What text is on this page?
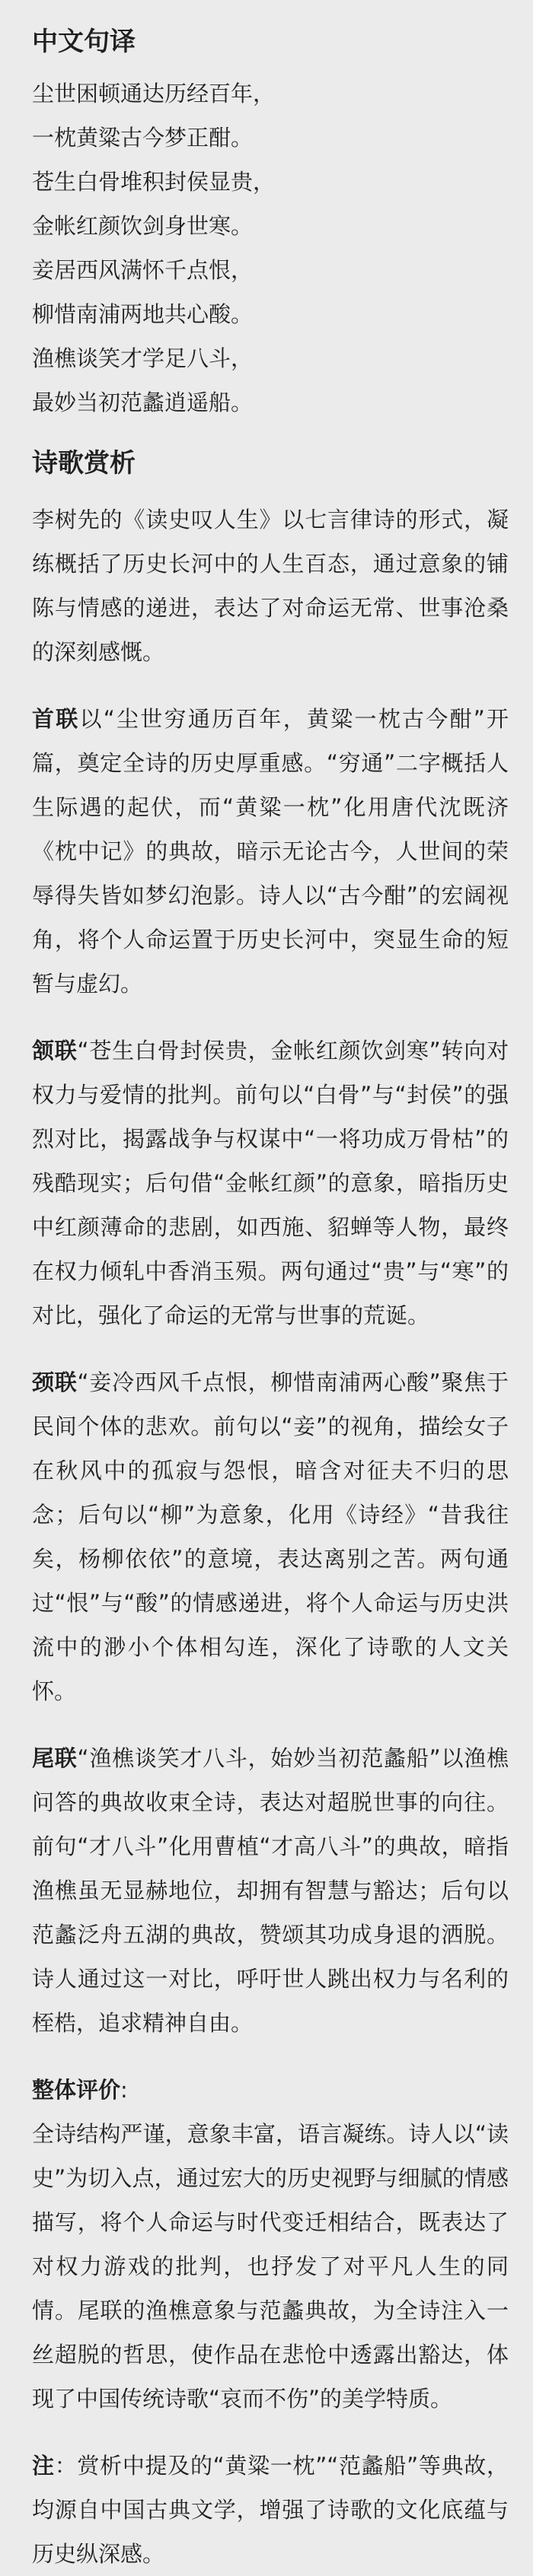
中文句译

尘世困顿通达历经百年，

一枕黄粱古今梦正酣。

苍生白骨堆积封侯显贵，

金帐红颜饮剑身世寒。

妾居西风满怀千点恨，

柳惜南浦两地共心酸。

渔樵谈笑才学足八斗，

最妙当初范蠡逍遥船。

诗歌赏析

李树先的《读史叹人生》以七言律诗的形式，凝练概括了历史长河中的人生百态，通过意象的铺陈与情感的递进，表达了对命运无常、世事沧桑的深刻感慨。

首联以“尘世穷通历百年，黄粱一枕古今酣”开篇，奠定全诗的历史厚重感。“穷通”二字概括人生际遇的起伏，而“黄粱一枕”化用唐代沈既济《枕中记》的典故，暗示无论古今，人世间的荣辱得失皆如梦幻泡影。诗人以“古今酣”的宏阔视角，将个人命运置于历史长河中，突显生命的短暂与虚幻。

颔联“苍生白骨封侯贵，金帐红颜饮剑寒”转向对权力与爱情的批判。前句以“白骨”与“封侯”的强烈对比，揭露战争与权谋中“一将功成万骨枯”的残酷现实；后句借“金帐红颜”的意象，暗指历史中红颜薄命的悲剧，如西施、貂蝉等人物，最终在权力倾轧中香消玉殒。两句通过“贵”与“寒”的对比，强化了命运的无常与世事的荒诞。

颈联“妾冷西风千点恨，柳惜南浦两心酸”聚焦于民间个体的悲欢。前句以“妾”的视角，描绘女子在秋风中的孤寂与怨恨，暗含对征夫不归的思念；后句以“柳”为意象，化用《诗经》“昔我往矣，杨柳依依”的意境，表达离别之苦。两句通过“恨”与“酸”的情感递进，将个人命运与历史洪流中的渺小个体相勾连，深化了诗歌的人文关怀。

尾联“渔樵谈笑才八斗，始妙当初范蠡船”以渔樵问答的典故收束全诗，表达对超脱世事的向往。前句“才八斗”化用曹植“才高八斗”的典故，暗指渔樵虽无显赫地位，却拥有智慧与豁达；后句以范蠡泛舟五湖的典故，赞颂其功成身退的洒脱。诗人通过这一对比，呼吁世人跳出权力与名利的桎梏，追求精神自由。

整体评价:
全诗结构严谨，意象丰富，语言凝练。诗人以“读史”为切入点，通过宏大的历史视野与细腻的情感描写，将个人命运与时代变迁相结合，既表达了对权力游戏的批判，也抒发了对平凡人生的同情。尾联的渔樵意象与范蠡典故，为全诗注入一丝超脱的哲思，使作品在悲怆中透露出豁达，体现了中国传统诗歌“哀而不伤”的美学特质。

注：赏析中提及的“黄粱一枕”“范蠡船”等典故，均源自中国古典文学，增强了诗歌的文化底蕴与历史纵深感。
